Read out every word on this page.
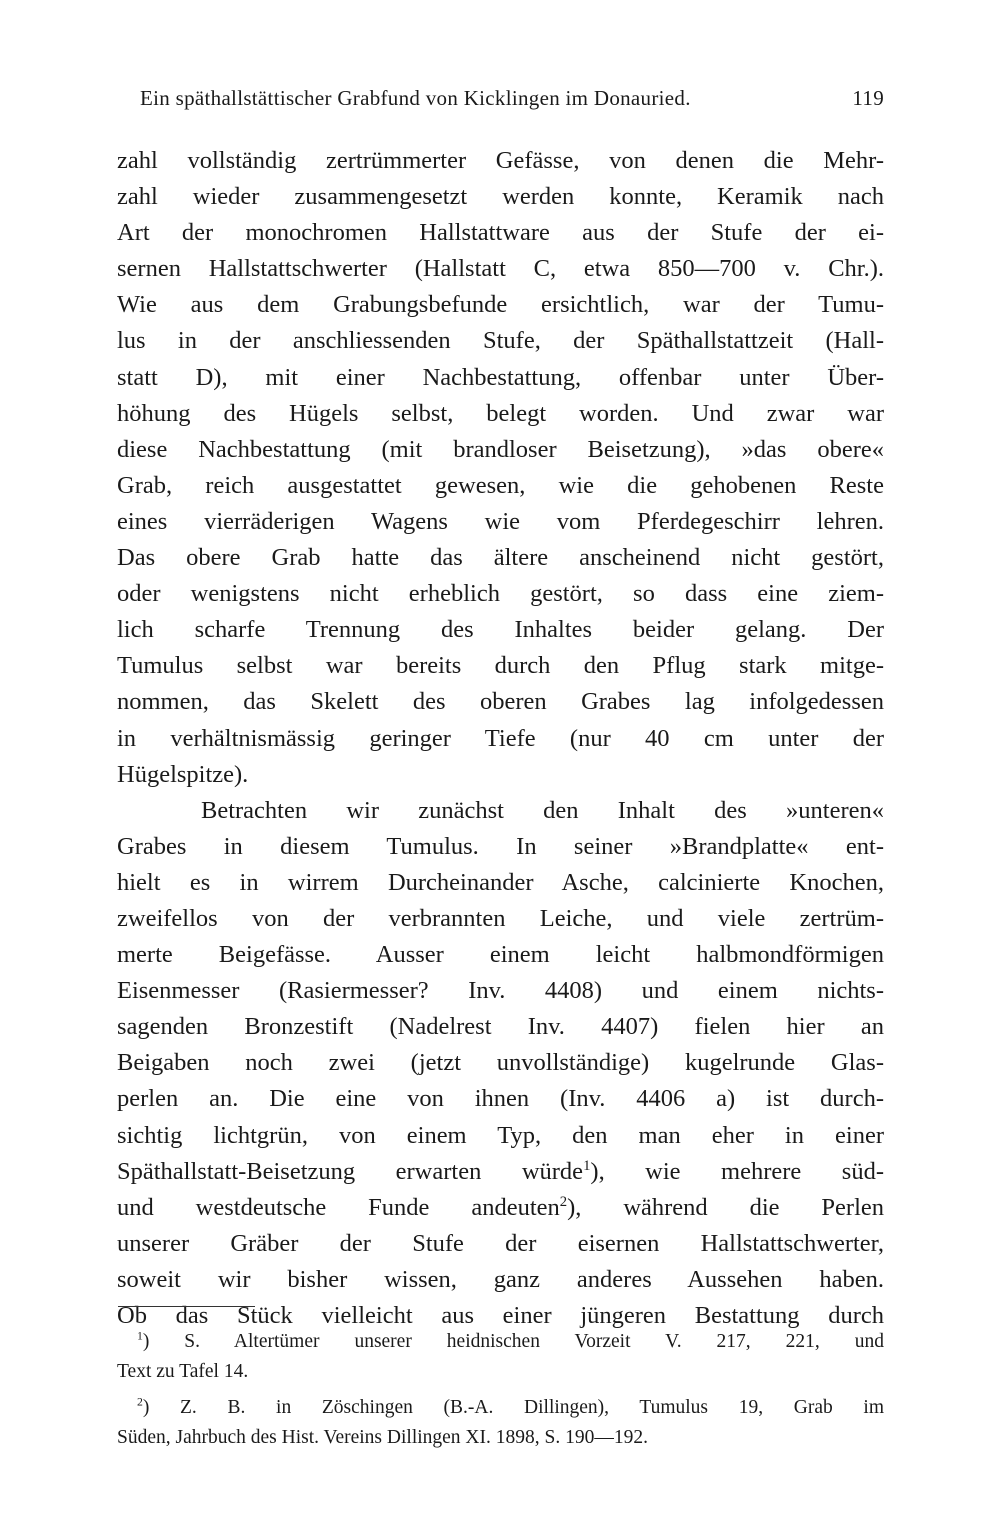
Ein späthallstättischer Grabfund von Kicklingen im Donauried.	119
zahl vollständig zertrümmerter Gefässe, von denen die Mehr-
zahl wieder zusammengesetzt werden konnte, Keramik nach
Art der monochromen Hallstattware aus der Stufe der ei-
sernen Hallstattschwerter (Hallstatt C, etwa 850—700 v. Chr.).
Wie aus dem Grabungsbefunde ersichtlich, war der Tumu-
lus in der anschliessenden Stufe, der Späthallstattzeit (Hall-
statt D), mit einer Nachbestattung, offenbar unter Über-
höhung des Hügels selbst, belegt worden. Und zwar war
diese Nachbestattung (mit brandloser Beisetzung), »das obere«
Grab, reich ausgestattet gewesen, wie die gehobenen Reste
eines vierräderigen Wagens wie vom Pferdegeschirr lehren.
Das obere Grab hatte das ältere anscheinend nicht gestört,
oder wenigstens nicht erheblich gestört, so dass eine ziem-
lich scharfe Trennung des Inhaltes beider gelang. Der
Tumulus selbst war bereits durch den Pflug stark mitge-
nommen, das Skelett des oberen Grabes lag infolgedessen
in verhältnismässig geringer Tiefe (nur 40 cm unter der
Hügelspitze).
Betrachten wir zunächst den Inhalt des »unteren«
Grabes in diesem Tumulus. In seiner »Brandplatte« ent-
hielt es in wirrem Durcheinander Asche, calcinierte Knochen,
zweifellos von der verbrannten Leiche, und viele zertrüm-
merte Beigefässe. Ausser einem leicht halbmondförmigen
Eisenmesser (Rasiermesser? Inv. 4408) und einem nichts-
sagenden Bronzestift (Nadelrest Inv. 4407) fielen hier an
Beigaben noch zwei (jetzt unvollständige) kugelrunde Glas-
perlen an. Die eine von ihnen (Inv. 4406 a) ist durch-
sichtig lichtgrün, von einem Typ, den man eher in einer
Späthallstatt-Beisetzung erwarten würde$^1$), wie mehrere süd-
und westdeutsche Funde andeuten$^2$), während die Perlen
unserer Gräber der Stufe der eisernen Hallstattschwerter,
soweit wir bisher wissen, ganz anderes Aussehen haben.
Ob das Stück vielleicht aus einer jüngeren Bestattung durch
$^1$) S. Altertümer unserer heidnischen Vorzeit V. 217, 221, und
Text zu Tafel 14.
$^2$) Z. B. in Zöschingen (B.-A. Dillingen), Tumulus 19, Grab im
Süden, Jahrbuch des Hist. Vereins Dillingen XI. 1898, S. 190—192.
